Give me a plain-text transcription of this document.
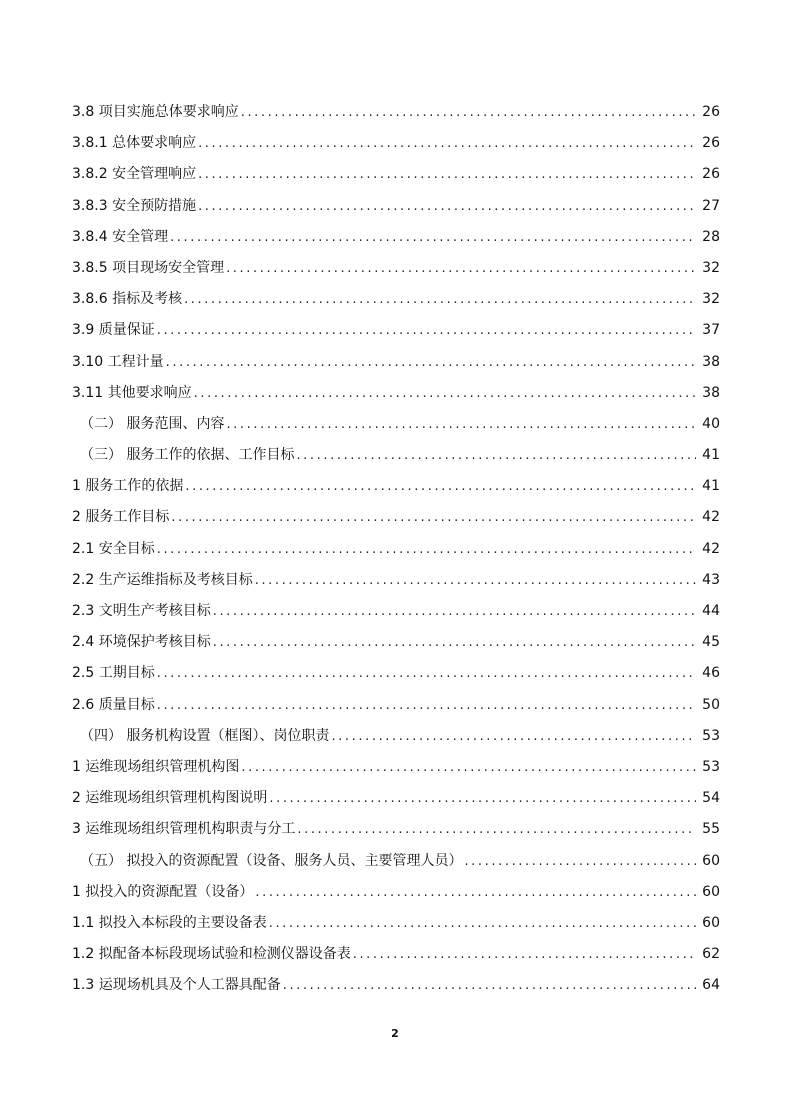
3.8 项目实施总体要求响应 .....	26
3.8.1 总体要求响应 .....	26
3.8.2 安全管理响应 .....	26
3.8.3 安全预防措施 .....	27
3.8.4 安全管理 .....	28
3.8.5 项目现场安全管理 .....	32
3.8.6 指标及考核 .....	32
3.9 质量保证 .....	37
3.10 工程计量 .....	38
3.11 其他要求响应 .....	38
（二） 服务范围、内容 .....	40
（三） 服务工作的依据、工作目标 .....	41
1 服务工作的依据 .....	41
2 服务工作目标 .....	42
2.1 安全目标 .....	42
2.2 生产运维指标及考核目标 .....	43
2.3 文明生产考核目标 .....	44
2.4 环境保护考核目标 .....	45
2.5 工期目标 .....	46
2.6 质量目标 .....	50
（四） 服务机构设置（框图）、岗位职责 .....	53
1 运维现场组织管理机构图 .....	53
2 运维现场组织管理机构图说明 .....	54
3 运维现场组织管理机构职责与分工 .....	55
（五） 拟投入的资源配置（设备、服务人员、主要管理人员） .....	60
1 拟投入的资源配置（设备） .....	60
1.1 拟投入本标段的主要设备表 .....	60
1.2 拟配备本标段现场试验和检测仪器设备表 .....	62
1.3 运现场机具及个人工器具配备 .....	64
2
